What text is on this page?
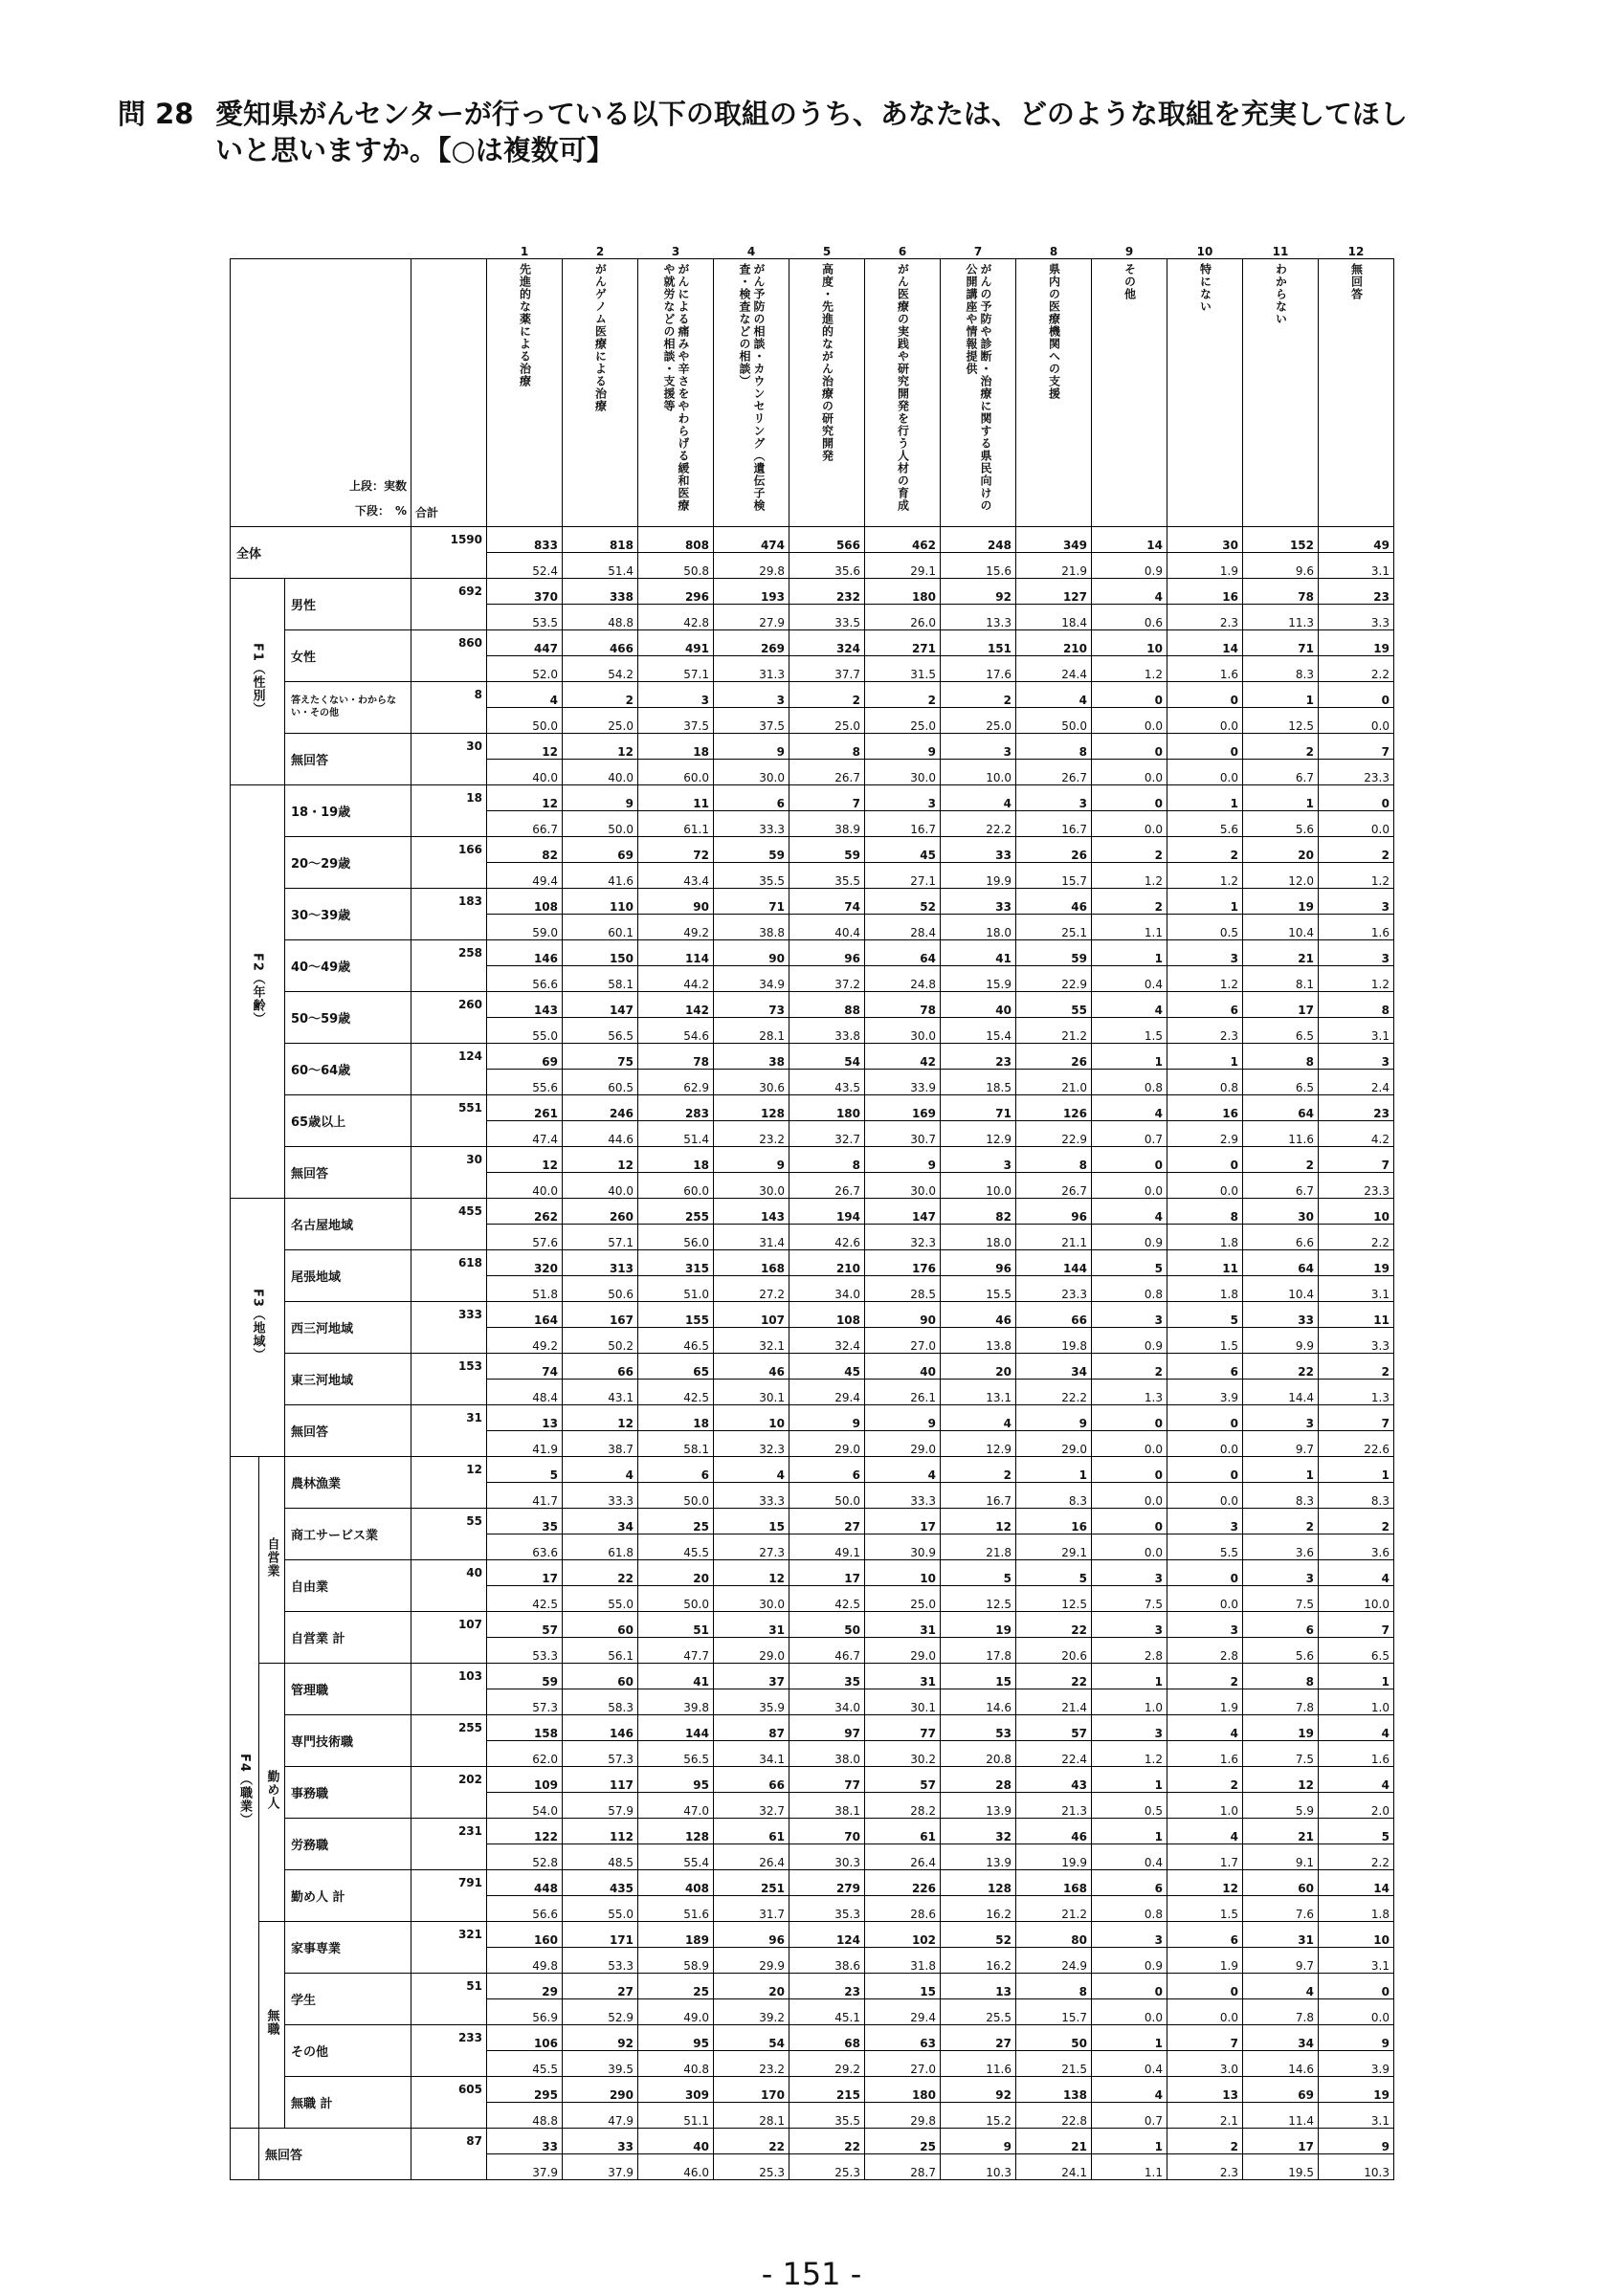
問 28 愛知県がんセンターが行っている以下の取組のうち、あなたは、どのような取組を充実してほし
いと思いますか。【○は複数可】
				1	2	3	4	5	6	7	8	9	10	11	12

上段：実数
下段：　%			合計	先進的な薬による治療	がんゲノム医療による治療	がんによる痛みや辛さをやわらげる緩和医療や就労などの相談・支援等	がん予防の相談・カウンセリング（遺伝子検査・検査などの相談）	高度・先進的ながん治療の研究開発	がん医療の実践や研究開発を行う人材の育成	がんの予防や診断・治療に関する県民向けの公開講座や情報提供	県内の医療機関への支援	その他	特にない	わからない	無回答
全体			1590	833	818	808	474	566	462	248	349	14	30	152	49
				52.4	51.4	50.8	29.8	35.6	29.1	15.6	21.9	0.9	1.9	9.6	3.1
F1（性別）		男性	692	370	338	296	193	232	180	92	127	4	16	78	23
				53.5	48.8	42.8	27.9	33.5	26.0	13.3	18.4	0.6	2.3	11.3	3.3
		女性	860	447	466	491	269	324	271	151	210	10	14	71	19
				52.0	54.2	57.1	31.3	37.7	31.5	17.6	24.4	1.2	1.6	8.3	2.2
		答えたくない・わからない・その他	8	4	2	3	3	2	2	2	4	0	0	1	0
				50.0	25.0	37.5	37.5	25.0	25.0	25.0	50.0	0.0	0.0	12.5	0.0
		無回答	30	12	12	18	9	8	9	3	8	0	0	2	7
				40.0	40.0	60.0	30.0	26.7	30.0	10.0	26.7	0.0	0.0	6.7	23.3
F2（年齢）		18・19歳	18	12	9	11	6	7	3	4	3	0	1	1	0
				66.7	50.0	61.1	33.3	38.9	16.7	22.2	16.7	0.0	5.6	5.6	0.0
		20～29歳	166	82	69	72	59	59	45	33	26	2	2	20	2
				49.4	41.6	43.4	35.5	35.5	27.1	19.9	15.7	1.2	1.2	12.0	1.2
		30～39歳	183	108	110	90	71	74	52	33	46	2	1	19	3
				59.0	60.1	49.2	38.8	40.4	28.4	18.0	25.1	1.1	0.5	10.4	1.6
		40～49歳	258	146	150	114	90	96	64	41	59	1	3	21	3
				56.6	58.1	44.2	34.9	37.2	24.8	15.9	22.9	0.4	1.2	8.1	1.2
		50～59歳	260	143	147	142	73	88	78	40	55	4	6	17	8
				55.0	56.5	54.6	28.1	33.8	30.0	15.4	21.2	1.5	2.3	6.5	3.1
		60～64歳	124	69	75	78	38	54	42	23	26	1	1	8	3
				55.6	60.5	62.9	30.6	43.5	33.9	18.5	21.0	0.8	0.8	6.5	2.4
		65歳以上	551	261	246	283	128	180	169	71	126	4	16	64	23
				47.4	44.6	51.4	23.2	32.7	30.7	12.9	22.9	0.7	2.9	11.6	4.2
		無回答	30	12	12	18	9	8	9	3	8	0	0	2	7
				40.0	40.0	60.0	30.0	26.7	30.0	10.0	26.7	0.0	0.0	6.7	23.3
F3（地域）		名古屋地域	455	262	260	255	143	194	147	82	96	4	8	30	10
				57.6	57.1	56.0	31.4	42.6	32.3	18.0	21.1	0.9	1.8	6.6	2.2
		尾張地域	618	320	313	315	168	210	176	96	144	5	11	64	19
				51.8	50.6	51.0	27.2	34.0	28.5	15.5	23.3	0.8	1.8	10.4	3.1
		西三河地域	333	164	167	155	107	108	90	46	66	3	5	33	11
				49.2	50.2	46.5	32.1	32.4	27.0	13.8	19.8	0.9	1.5	9.9	3.3
		東三河地域	153	74	66	65	46	45	40	20	34	2	6	22	2
				48.4	43.1	42.5	30.1	29.4	26.1	13.1	22.2	1.3	3.9	14.4	1.3
		無回答	31	13	12	18	10	9	9	4	9	0	0	3	7
				41.9	38.7	58.1	32.3	29.0	29.0	12.9	29.0	0.0	0.0	9.7	22.6
F4（職業）	自営業	農林漁業	12	5	4	6	4	6	4	2	1	0	0	1	1
				41.7	33.3	50.0	33.3	50.0	33.3	16.7	8.3	0.0	0.0	8.3	8.3
		商工サービス業	55	35	34	25	15	27	17	12	16	0	3	2	2
				63.6	61.8	45.5	27.3	49.1	30.9	21.8	29.1	0.0	5.5	3.6	3.6
		自由業	40	17	22	20	12	17	10	5	5	3	0	3	4
				42.5	55.0	50.0	30.0	42.5	25.0	12.5	12.5	7.5	0.0	7.5	10.0
		自営業 計	107	57	60	51	31	50	31	19	22	3	3	6	7
				53.3	56.1	47.7	29.0	46.7	29.0	17.8	20.6	2.8	2.8	5.6	6.5
	勤め人	管理職	103	59	60	41	37	35	31	15	22	1	2	8	1
				57.3	58.3	39.8	35.9	34.0	30.1	14.6	21.4	1.0	1.9	7.8	1.0
		専門技術職	255	158	146	144	87	97	77	53	57	3	4	19	4
				62.0	57.3	56.5	34.1	38.0	30.2	20.8	22.4	1.2	1.6	7.5	1.6
		事務職	202	109	117	95	66	77	57	28	43	1	2	12	4
				54.0	57.9	47.0	32.7	38.1	28.2	13.9	21.3	0.5	1.0	5.9	2.0
		労務職	231	122	112	128	61	70	61	32	46	1	4	21	5
				52.8	48.5	55.4	26.4	30.3	26.4	13.9	19.9	0.4	1.7	9.1	2.2
		勤め人 計	791	448	435	408	251	279	226	128	168	6	12	60	14
				56.6	55.0	51.6	31.7	35.3	28.6	16.2	21.2	0.8	1.5	7.6	1.8
	無職	家事専業	321	160	171	189	96	124	102	52	80	3	6	31	10
				49.8	53.3	58.9	29.9	38.6	31.8	16.2	24.9	0.9	1.9	9.7	3.1
		学生	51	29	27	25	20	23	15	13	8	0	0	4	0
				56.9	52.9	49.0	39.2	45.1	29.4	25.5	15.7	0.0	0.0	7.8	0.0
		その他	233	106	92	95	54	68	63	27	50	1	7	34	9
				45.5	39.5	40.8	23.2	29.2	27.0	11.6	21.5	0.4	3.0	14.6	3.9
		無職 計	605	295	290	309	170	215	180	92	138	4	13	69	19
				48.8	47.9	51.1	28.1	35.5	29.8	15.2	22.8	0.7	2.1	11.4	3.1
	無回答		87	33	33	40	22	22	25	9	21	1	2	17	9
				37.9	37.9	46.0	25.3	25.3	28.7	10.3	24.1	1.1	2.3	19.5	10.3
- 151 -
